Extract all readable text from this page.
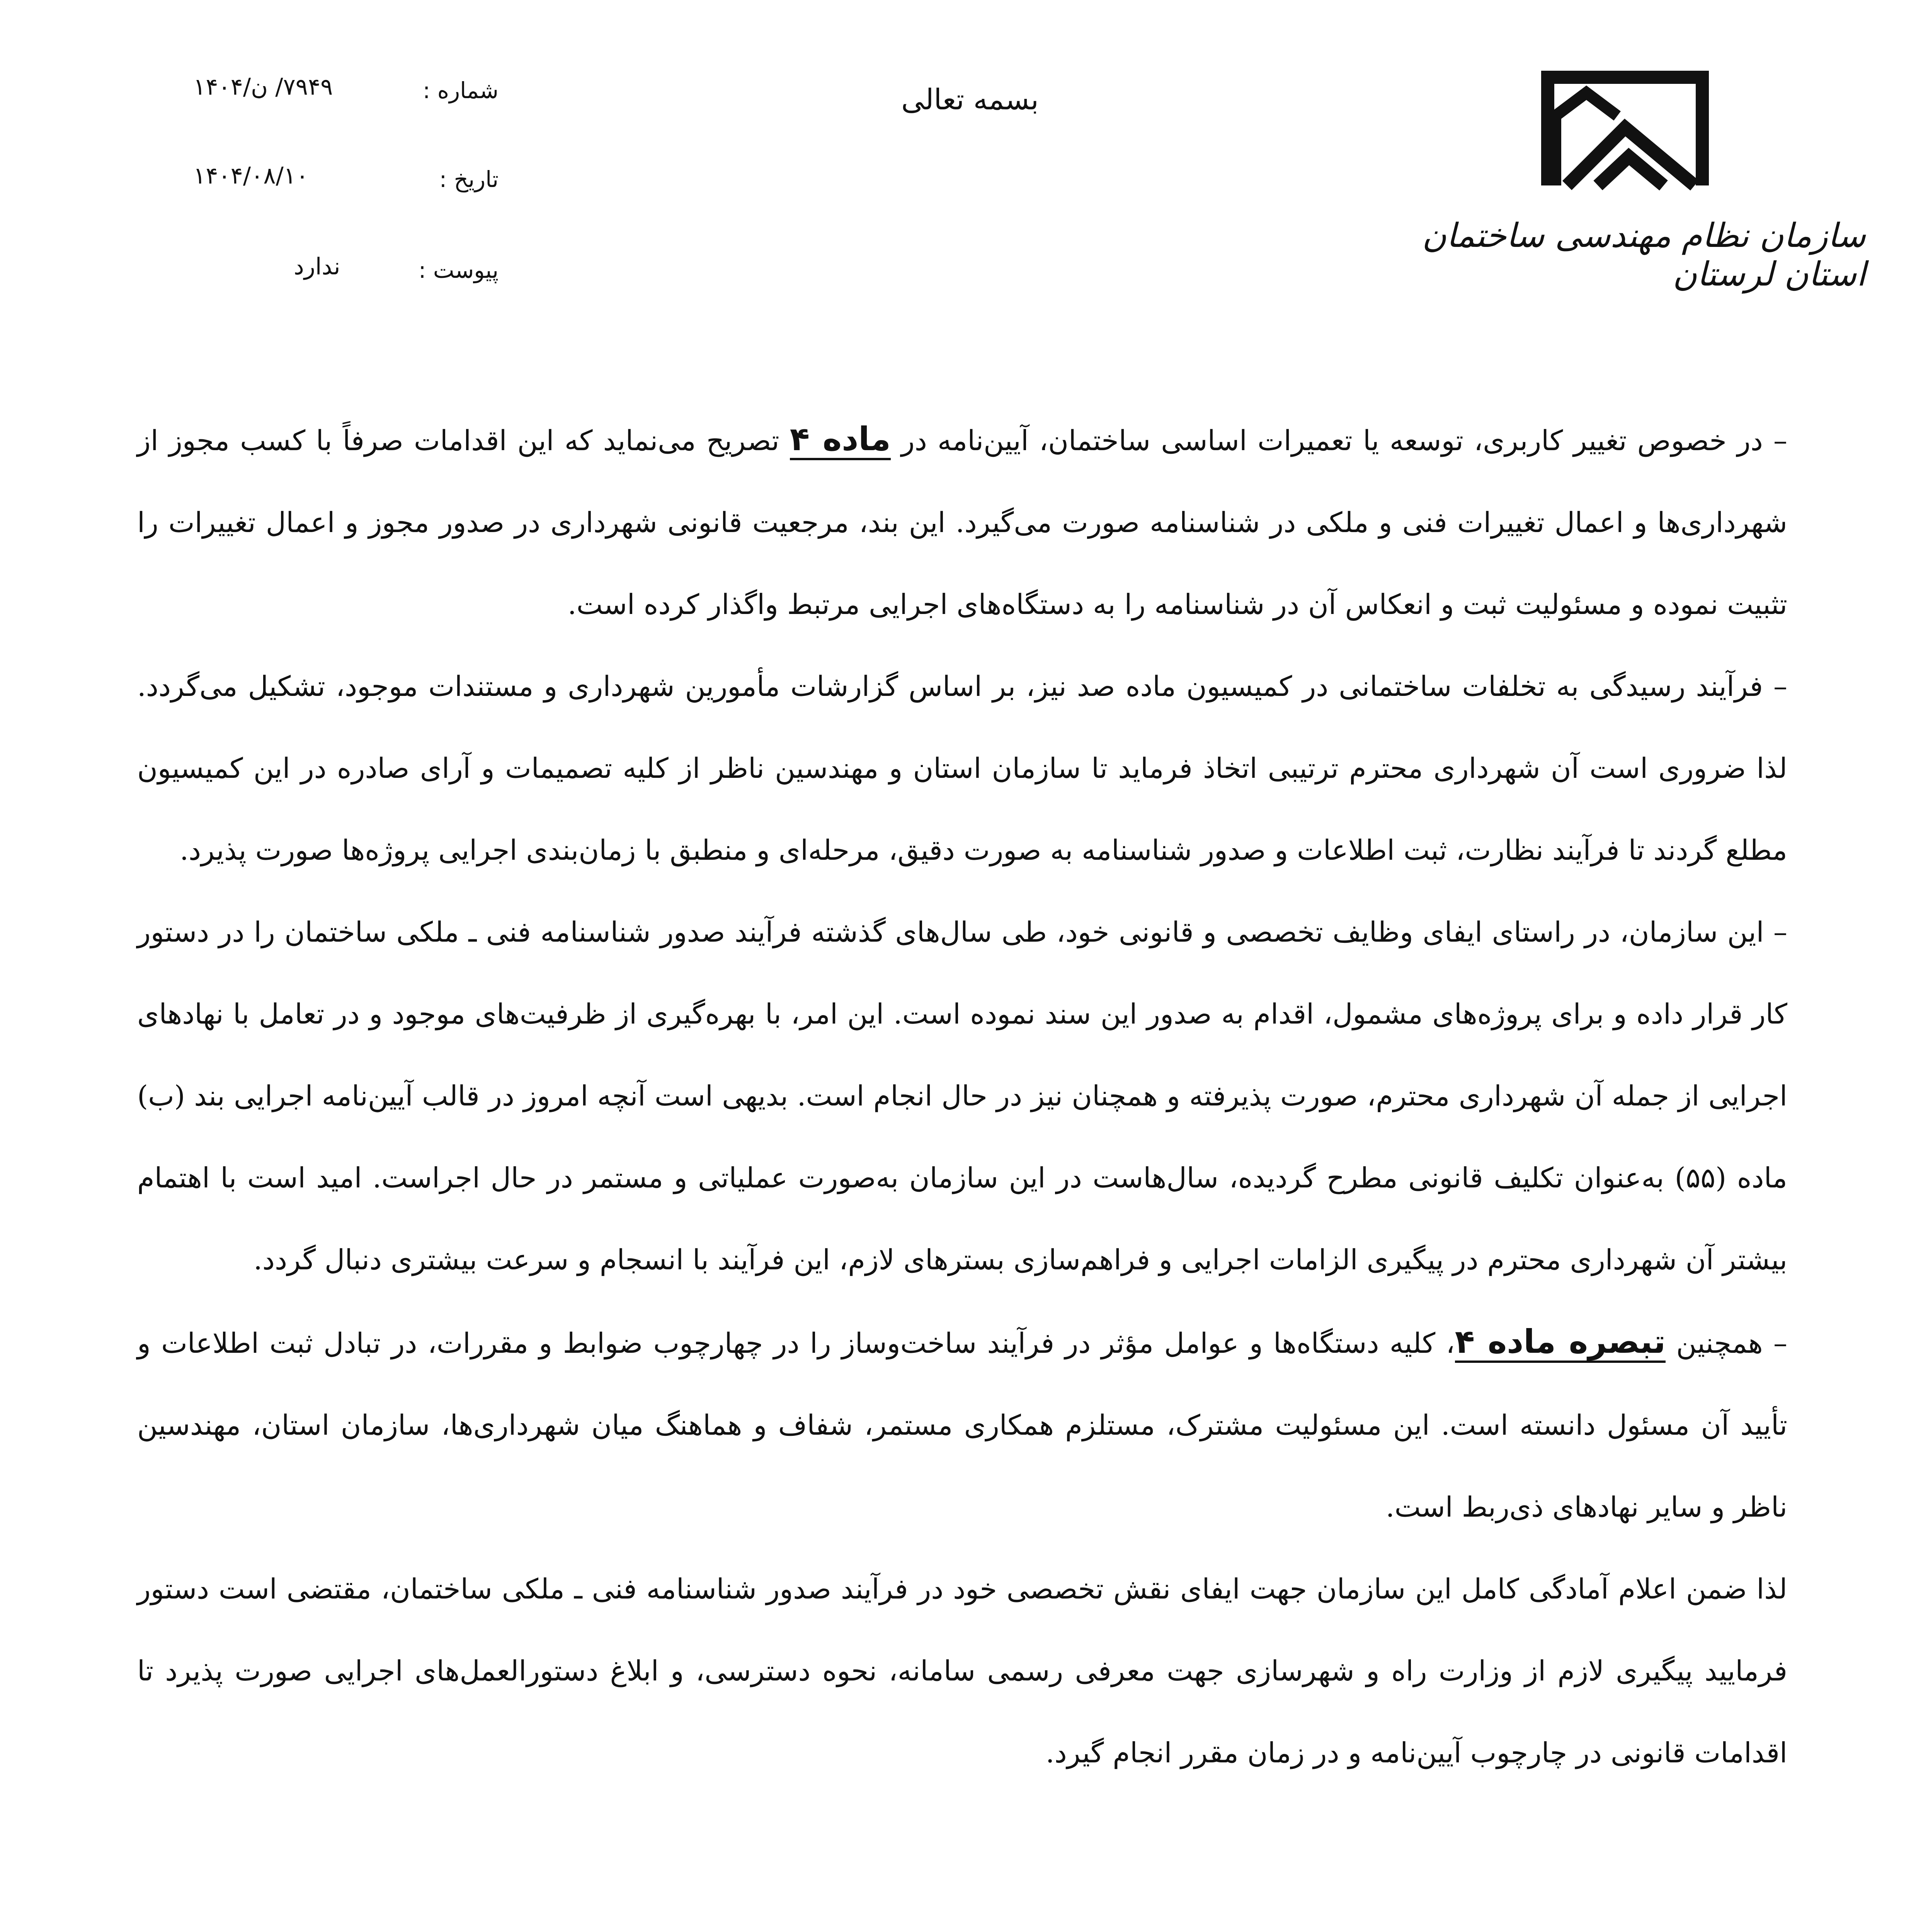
سازمان نظام مهندسی ساختمان استان لرستان
بسمه تعالی
شماره :
۷۹۴۹/ ن/۱۴۰۴
تاریخ :
۱۴۰۴/۰۸/۱۰
پیوست :
ندارد

– در خصوص تغییر کاربری، توسعه یا تعمیرات اساسی ساختمان، آیین‌نامه در ماده ۴ تصریح می‌نماید که این اقدامات صرفاً با کسب مجوز از شهرداری‌ها و اعمال تغییرات فنی و ملکی در شناسنامه صورت می‌گیرد. این بند، مرجعیت قانونی شهرداری در صدور مجوز و اعمال تغییرات را تثبیت نموده و مسئولیت ثبت و انعکاس آن در شناسنامه را به دستگاه‌های اجرایی مرتبط واگذار کرده است.

– فرآیند رسیدگی به تخلفات ساختمانی در کمیسیون ماده صد نیز، بر اساس گزارشات مأمورین شهرداری و مستندات موجود، تشکیل می‌گردد. لذا ضروری است آن شهرداری محترم ترتیبی اتخاذ فرماید تا سازمان استان و مهندسین ناظر از کلیه تصمیمات و آرای صادره در این کمیسیون مطلع گردند تا فرآیند نظارت، ثبت اطلاعات و صدور شناسنامه به صورت دقیق، مرحله‌ای و منطبق با زمان‌بندی اجرایی پروژه‌ها صورت پذیرد.

– این سازمان، در راستای ایفای وظایف تخصصی و قانونی خود، طی سال‌های گذشته فرآیند صدور شناسنامه فنی ـ ملکی ساختمان را در دستور کار قرار داده و برای پروژه‌های مشمول، اقدام به صدور این سند نموده است. این امر، با بهره‌گیری از ظرفیت‌های موجود و در تعامل با نهادهای اجرایی از جمله آن شهرداری محترم، صورت پذیرفته و همچنان نیز در حال انجام است. بدیهی است آنچه امروز در قالب آیین‌نامه اجرایی بند (ب) ماده (۵۵) به‌عنوان تکلیف قانونی مطرح گردیده، سال‌هاست در این سازمان به‌صورت عملیاتی و مستمر در حال اجراست. امید است با اهتمام بیشتر آن شهرداری محترم در پیگیری الزامات اجرایی و فراهم‌سازی بسترهای لازم، این فرآیند با انسجام و سرعت بیشتری دنبال گردد.

– همچنین تبصره ماده ۴، کلیه دستگاه‌ها و عوامل مؤثر در فرآیند ساخت‌وساز را در چهارچوب ضوابط و مقررات، در تبادل ثبت اطلاعات و تأیید آن مسئول دانسته است. این مسئولیت مشترک، مستلزم همکاری مستمر، شفاف و هماهنگ میان شهرداری‌ها، سازمان استان، مهندسین ناظر و سایر نهادهای ذی‌ربط است.

لذا ضمن اعلام آمادگی کامل این سازمان جهت ایفای نقش تخصصی خود در فرآیند صدور شناسنامه فنی ـ ملکی ساختمان، مقتضی است دستور فرمایید پیگیری لازم از وزارت راه و شهرسازی جهت معرفی رسمی سامانه، نحوه دسترسی، و ابلاغ دستورالعمل‌های اجرایی صورت پذیرد تا اقدامات قانونی در چارچوب آیین‌نامه و در زمان مقرر انجام گیرد.
